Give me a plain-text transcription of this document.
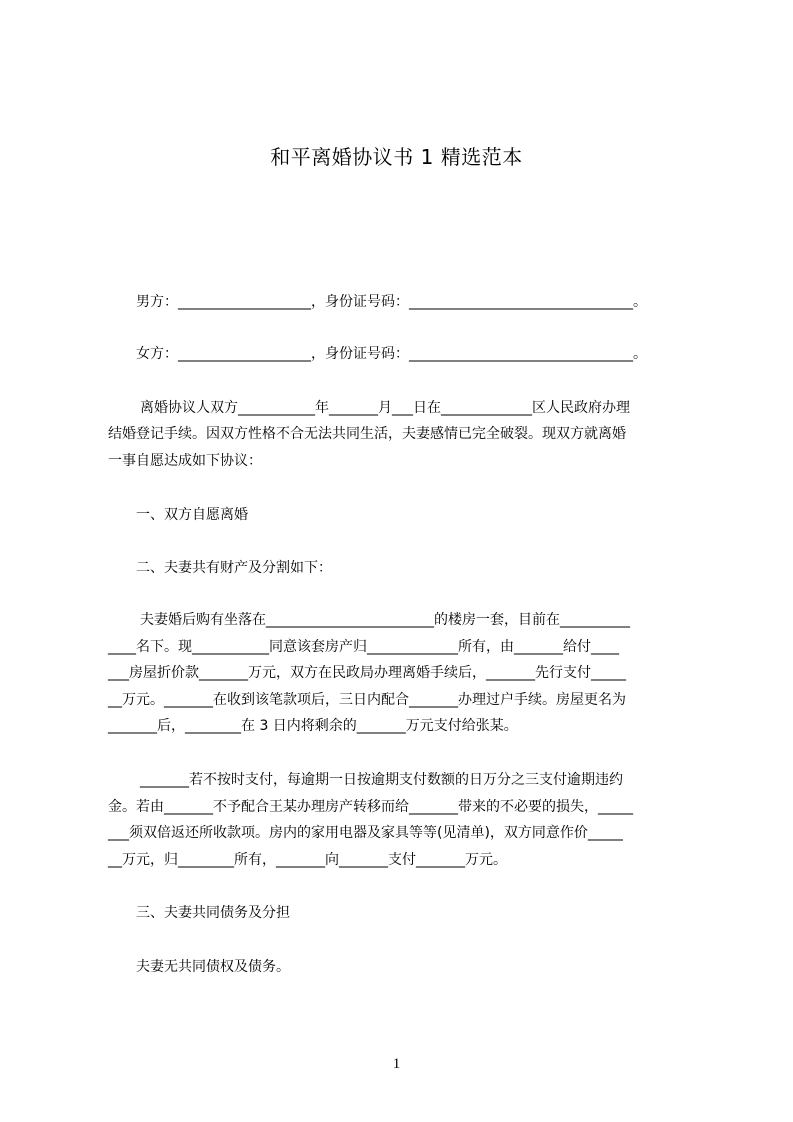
和平离婚协议书 1 精选范本
男方：___________________，身份证号码：________________________________。
女方：___________________，身份证号码：________________________________。
离婚协议人双方___________年_______月___日在_____________区人民政府办理
结婚登记手续。因双方性格不合无法共同生活，夫妻感情已完全破裂。现双方就离婚
一事自愿达成如下协议：
一、双方自愿离婚
二、夫妻共有财产及分割如下：
夫妻婚后购有坐落在________________________的楼房一套，目前在__________
____名下。现___________同意该套房产归_____________所有，由_______给付____
___房屋折价款_______万元，双方在民政局办理离婚手续后，_______先行支付_____
__万元。_______在收到该笔款项后，三日内配合_______办理过户手续。房屋更名为
_______后，________在 3 日内将剩余的_______万元支付给张某。
_______若不按时支付，每逾期一日按逾期支付数额的日万分之三支付逾期违约
金。若由_______不予配合王某办理房产转移而给_______带来的不必要的损失，_____
___须双倍返还所收款项。房内的家用电器及家具等等(见清单)，双方同意作价_____
__万元，归________所有，_______向_______支付_______万元。
三、夫妻共同债务及分担
夫妻无共同债权及债务。
1
